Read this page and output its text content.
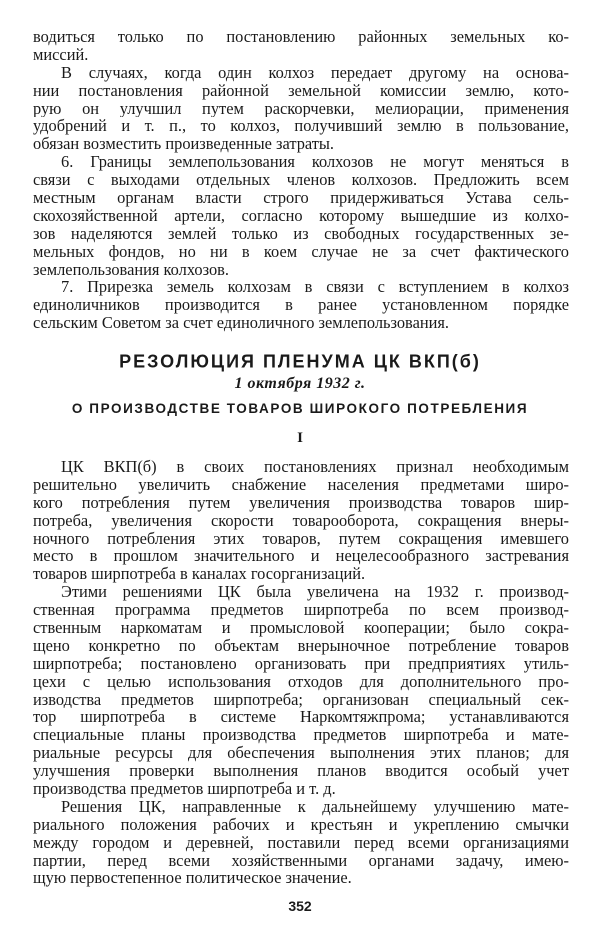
водиться только по постановлению районных земельных ко-
миссий.
В случаях, когда один колхоз передает другому на основа-
нии постановления районной земельной комиссии землю, кото-
рую он улучшил путем раскорчевки, мелиорации, применения
удобрений и т. п., то колхоз, получивший землю в пользование,
обязан возместить произведенные затраты.
6. Границы землепользования колхозов не могут меняться в
связи с выходами отдельных членов колхозов. Предложить всем
местным органам власти строго придерживаться Устава сель-
скохозяйственной артели, согласно которому вышедшие из колхо-
зов наделяются землей только из свободных государственных зе-
мельных фондов, но ни в коем случае не за счет фактического
землепользования колхозов.
7. Прирезка земель колхозам в связи с вступлением в колхоз
единоличников производится в ранее установленном порядке
сельским Советом за счет единоличного землепользования.
РЕЗОЛЮЦИЯ ПЛЕНУМА ЦК ВКП(б)
1 октября 1932 г.
О ПРОИЗВОДСТВЕ ТОВАРОВ ШИРОКОГО ПОТРЕБЛЕНИЯ
I
ЦК ВКП(б) в своих постановлениях признал необходимым
решительно увеличить снабжение населения предметами широ-
кого потребления путем увеличения производства товаров шир-
потреба, увеличения скорости товарооборота, сокращения внеры-
ночного потребления этих товаров, путем сокращения имевшего
место в прошлом значительного и нецелесообразного застревания
товаров ширпотреба в каналах госорганизаций.
Этими решениями ЦК была увеличена на 1932 г. производ-
ственная программа предметов ширпотреба по всем производ-
ственным наркоматам и промысловой кооперации; было сокра-
щено конкретно по объектам внерыночное потребление товаров
ширпотреба; постановлено организовать при предприятиях утиль-
цехи с целью использования отходов для дополнительного про-
изводства предметов ширпотреба; организован специальный сек-
тор ширпотреба в системе Наркомтяжпрома; устанавливаются
специальные планы производства предметов ширпотреба и мате-
риальные ресурсы для обеспечения выполнения этих планов; для
улучшения проверки выполнения планов вводится особый учет
производства предметов ширпотреба и т. д.
Решения ЦК, направленные к дальнейшему улучшению мате-
риального положения рабочих и крестьян и укреплению смычки
между городом и деревней, поставили перед всеми организациями
партии, перед всеми хозяйственными органами задачу, имею-
щую первостепенное политическое значение.
352
